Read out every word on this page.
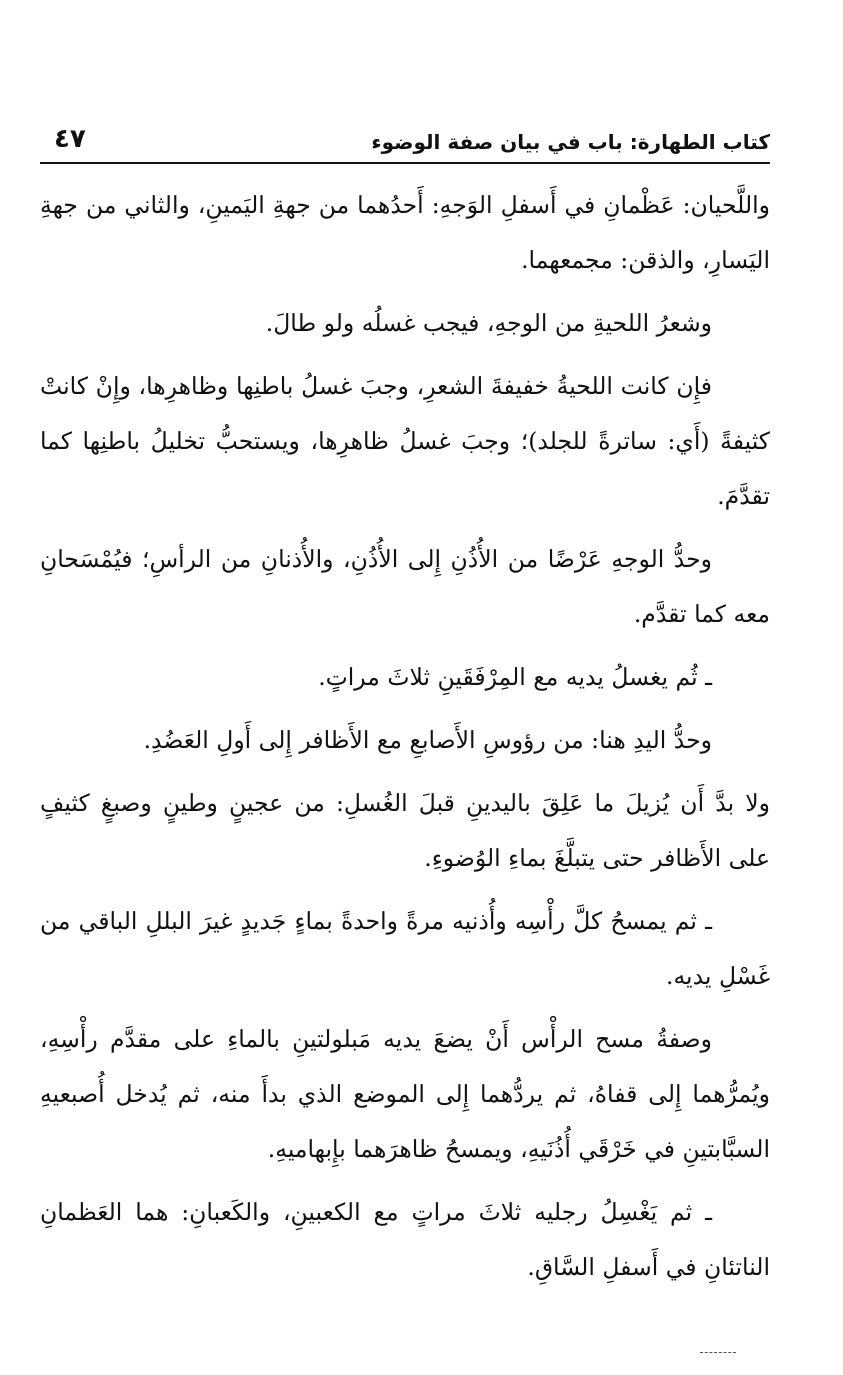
كتاب الطهارة: باب في بيان صفة الوضوء
٤٧

واللَّحيان: عَظْمانِ في أَسفلِ الوَجهِ: أَحدُهما من جهةِ اليَمينِ، والثاني من جهةِ اليَسارِ، والذقن: مجمعهما.

وشعرُ اللحيةِ من الوجهِ، فيجب غسلُه ولو طالَ.

فإِن كانت اللحيةُ خفيفةَ الشعرِ، وجبَ غسلُ باطنِها وظاهرِها، وإِنْ كانتْ كثيفةً (أَي: ساترةً للجلد)؛ وجبَ غسلُ ظاهرِها، ويستحبُّ تخليلُ باطنِها كما تقدَّمَ.

وحدُّ الوجهِ عَرْضًا من الأُذُنِ إِلى الأُذُنِ، والأُذنانِ من الرأسِ؛ فيُمْسَحانِ معه كما تقدَّم.

ـ ثُم يغسلُ يديه مع المِرْفَقَينِ ثلاثَ مراتٍ.

وحدُّ اليدِ هنا: من رؤوسِ الأَصابعِ مع الأَظافر إِلى أَولِ العَضُدِ.

ولا بدَّ أَن يُزيلَ ما عَلِقَ باليدينِ قبلَ الغُسلِ: من عجينٍ وطينٍ وصبغٍ كثيفٍ على الأَظافر حتى يتبلَّغَ بماءِ الوُضوءِ.

ـ ثم يمسحُ كلَّ رأْسِه وأُذنيه مرةً واحدةً بماءٍ جَديدٍ غيرَ البللِ الباقي من غَسْلِ يديه.

وصفةُ مسح الرأْس أَنْ يضعَ يديه مَبلولتينِ بالماءِ على مقدَّم رأْسِهِ، ويُمرُّهما إِلى قفاهُ، ثم يردُّهما إِلى الموضع الذي بدأَ منه، ثم يُدخل أُصبعيهِ السبَّابتينِ في خَرْقَي أُذُنَيهِ، ويمسحُ ظاهرَهما بإِبهاميهِ.

ـ ثم يَغْسِلُ رجليه ثلاثَ مراتٍ مع الكعبينِ، والكَعبانِ: هما العَظمانِ الناتئانِ في أَسفلِ السَّاقِ.
